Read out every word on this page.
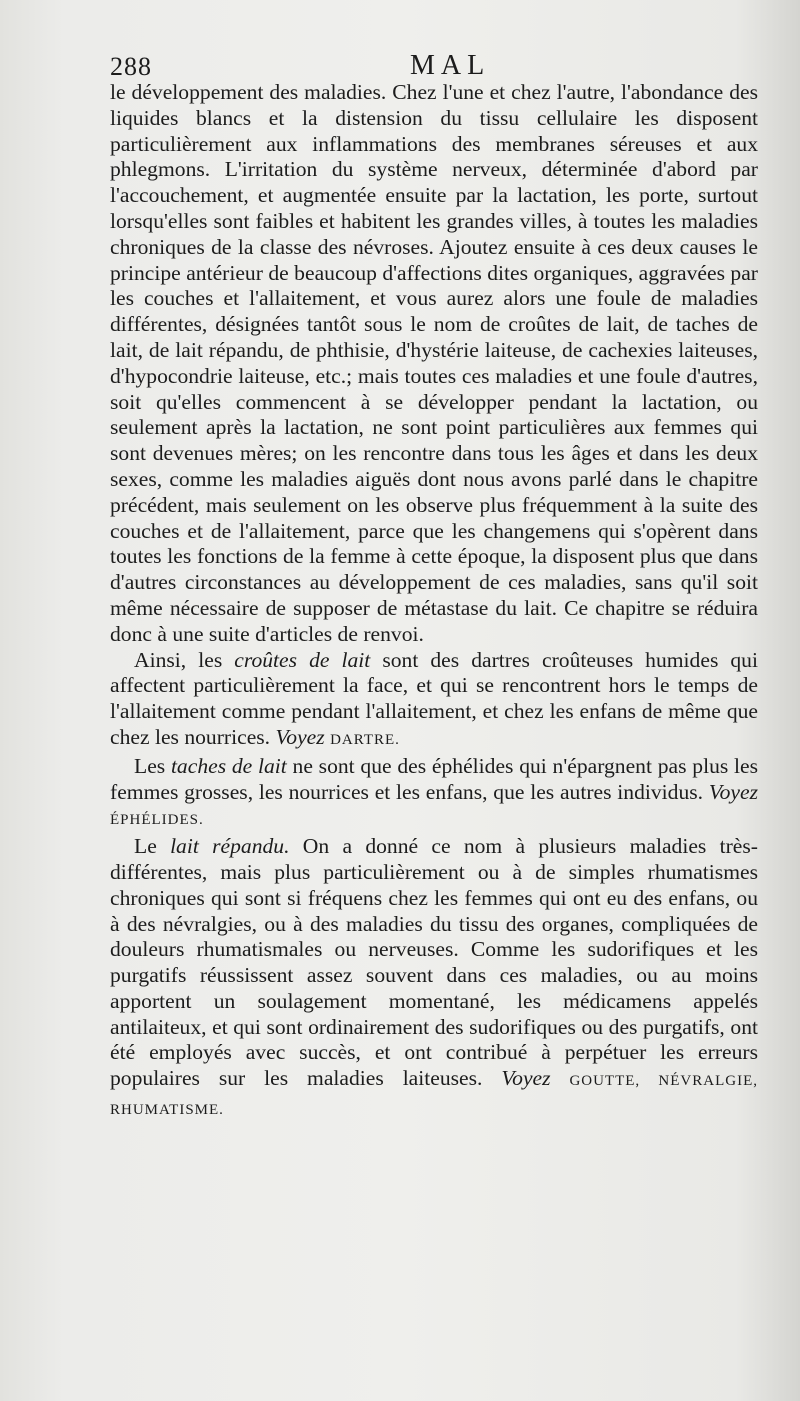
288	MAL

le développement des maladies. Chez l'une et chez l'autre, l'abondance des liquides blancs et la distension du tissu cellulaire les disposent particulièrement aux inflammations des membranes séreuses et aux phlegmons. L'irritation du système nerveux, déterminée d'abord par l'accouchement, et augmentée ensuite par la lactation, les porte, surtout lorsqu'elles sont faibles et habitent les grandes villes, à toutes les maladies chroniques de la classe des névroses. Ajoutez ensuite à ces deux causes le principe antérieur de beaucoup d'affections dites organiques, aggravées par les couches et l'allaitement, et vous aurez alors une foule de maladies différentes, désignées tantôt sous le nom de croûtes de lait, de taches de lait, de lait répandu, de phthisie, d'hystérie laiteuse, de cachexies laiteuses, d'hypocondrie laiteuse, etc.; mais toutes ces maladies et une foule d'autres, soit qu'elles commencent à se développer pendant la lactation, ou seulement après la lactation, ne sont point particulières aux femmes qui sont devenues mères; on les rencontre dans tous les âges et dans les deux sexes, comme les maladies aiguës dont nous avons parlé dans le chapitre précédent, mais seulement on les observe plus fréquemment à la suite des couches et de l'allaitement, parce que les changemens qui s'opèrent dans toutes les fonctions de la femme à cette époque, la disposent plus que dans d'autres circonstances au développement de ces maladies, sans qu'il soit même nécessaire de supposer de métastase du lait. Ce chapitre se réduira donc à une suite d'articles de renvoi.

Ainsi, les croûtes de lait sont des dartres croûteuses humides qui affectent particulièrement la face, et qui se rencontrent hors le temps de l'allaitement comme pendant l'allaitement, et chez les enfans de même que chez les nourrices. Voyez DARTRE.

Les taches de lait ne sont que des éphélides qui n'épargnent pas plus les femmes grosses, les nourrices et les enfans, que les autres individus. Voyez ÉPHÉLIDES.

Le lait répandu. On a donné ce nom à plusieurs maladies très-différentes, mais plus particulièrement ou à de simples rhumatismes chroniques qui sont si fréquens chez les femmes qui ont eu des enfans, ou à des névralgies, ou à des maladies du tissu des organes, compliquées de douleurs rhumatismales ou nerveuses. Comme les sudorifiques et les purgatifs réussissent assez souvent dans ces maladies, ou au moins apportent un soulagement momentané, les médicamens appelés antilaiteux, et qui sont ordinairement des sudorifiques ou des purgatifs, ont été employés avec succès, et ont contribué à perpétuer les erreurs populaires sur les maladies laiteuses. Voyez GOUTTE, NÉVRALGIE, RHUMATISME.
